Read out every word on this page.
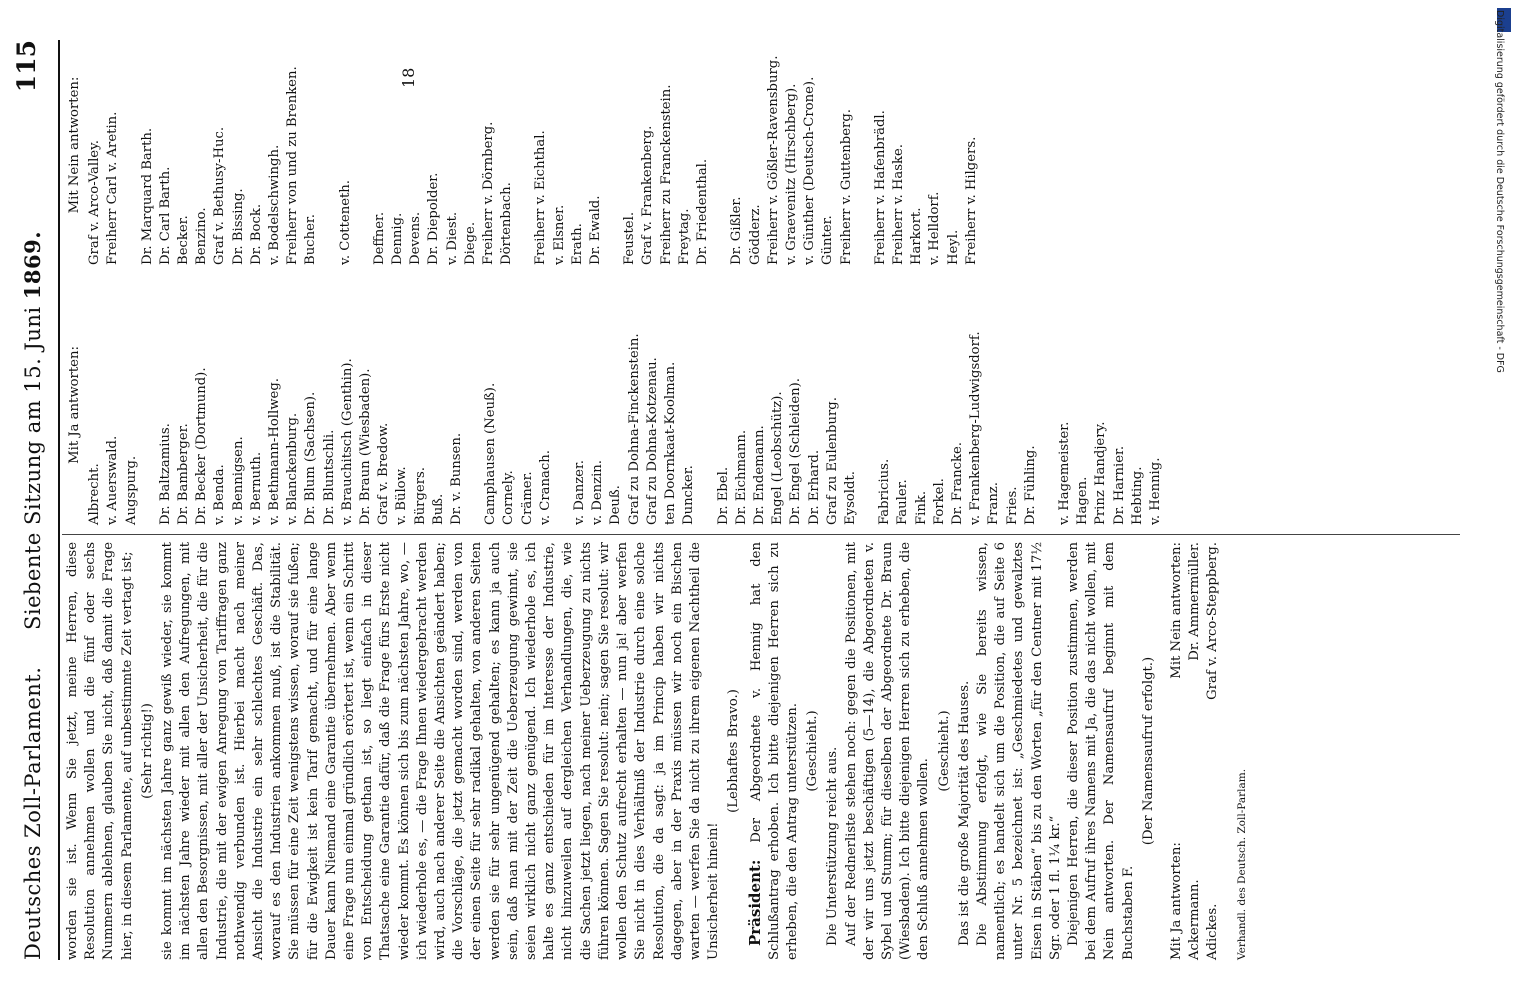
Deutsches Zoll-Parlament.
Siebente Sitzung am 15. Juni 1869.
115

worden sie ist. Wenn Sie jetzt, meine Herren, diese Resolution annehmen wollen und die fünf oder sechs Nummern ablehnen, glauben Sie nicht, daß damit die Frage hier, in diesem Parlamente, auf unbestimmte Zeit vertagt ist; (Sehr richtig!) sie kommt im nächsten Jahre ganz gewiß wieder, sie kommt im nächsten Jahre wieder mit allen den Aufregungen, mit allen den Besorgnissen, mit aller der Unsicherheit, die für die Industrie, die mit der ewigen Anregung von Tariffragen ganz nothwendig verbunden ist. Hierbei macht nach meiner Ansicht die Industrie ein sehr schlechtes Geschäft. Das, worauf es den Industrien ankommen muß, ist die Stabilität. Sie müssen für eine Zeit wenigstens wissen, worauf sie fußen; für die Ewigkeit ist kein Tarif gemacht, und für eine lange Dauer kann Niemand eine Garantie übernehmen. Aber wenn eine Frage nun einmal gründlich erörtert ist, wenn ein Schritt von Entscheidung gethan ist, so liegt einfach in dieser Thatsache eine Garantie dafür, daß die Frage fürs Erste nicht wieder kommt. Es können sich bis zum nächsten Jahre, wo, — ich wiederhole es, — die Frage Ihnen wiedergebracht werden wird, auch nach anderer Seite die Ansichten geändert haben; die Vorschläge, die jetzt gemacht worden sind, werden von der einen Seite für sehr radikal gehalten, von anderen Seiten werden sie für sehr ungenügend gehalten; es kann ja auch sein, daß man mit der Zeit die Ueberzeugung gewinnt, sie seien wirklich nicht ganz genügend. Ich wiederhole es, ich halte es ganz entschieden für im Interesse der Industrie, nicht hinzuweilen auf dergleichen Verhandlungen, die, wie die Sachen jetzt liegen, nach meiner Ueberzeugung zu nichts führen können. Sagen Sie resolut: nein; sagen Sie resolut: wir wollen den Schutz aufrecht erhalten — nun ja! aber werfen Sie nicht in dies Verhältniß der Industrie durch eine solche Resolution, die da sagt: ja im Princip haben wir nichts dagegen, aber in der Praxis müssen wir noch ein Bischen warten — werfen Sie da nicht zu ihrem eigenen Nachtheil die Unsicherheit hinein!

(Lebhaftes Bravo.)

Präsident: Der Abgeordnete v. Hennig hat den Schlußantrag erhoben. Ich bitte diejenigen Herren sich zu erheben, die den Antrag unterstützen. (Geschieht.) Die Unterstützung reicht aus. Auf der Rednerliste stehen noch: gegen die Positionen, mit der wir uns jetzt beschäftigen (5—14), die Abgeordneten v. Sybel und Stumm; für dieselben der Abgeordnete Dr. Braun (Wiesbaden). Ich bitte diejenigen Herren sich zu erheben, die den Schluß annehmen wollen.

(Geschieht.) Das ist die große Majorität des Hauses. Die Abstimmung erfolgt, wie Sie bereits wissen, namentlich; es handelt sich um die Position, die auf Seite 6 unter Nr. 5 bezeichnet ist: „Geschmiedetes und gewalztes Eisen in Stäben“ bis zu den Worten „für den Centner mit 17½ Sgr. oder 1 fl. 1¼ kr.“ Diejenigen Herren, die dieser Position zustimmen, werden bei dem Aufruf ihres Namens mit Ja, die das nicht wollen, mit Nein antworten. Der Namensaufruf beginnt mit dem Buchstaben F.

(Der Namensaufruf erfolgt.)

Mit Ja antworten:
Mit Nein antworten:
Ackermann.
Dr. Ammermüller.
Adickes.
Graf v. Arco-Steppberg.
Verhandl. des Deutsch. Zoll-Parlam.
Mit Ja antworten:
Albrecht. v. Auerswald. Augspurg. Dr. Baltzamius. Dr. Bamberger. Dr. Becker (Dortmund). v. Benda. v. Bennigsen. v. Bernuth. v. Bethmann-Hollweg. v. Blanckenburg. Dr. Blum (Sachsen). Dr. Bluntschli. v. Brauchitsch (Genthin). Dr. Braun (Wiesbaden). Graf v. Bredow. v. Bülow. Bürgers. Buß. Dr. v. Bunsen. Camphausen (Neuß). Cornely. Crämer. v. Cranach. v. Danzer. v. Denzin. Deuß. Graf zu Dohna-Finckenstein. Graf zu Dohna-Kotzenau. ten Doornkaat-Koolman. Duncker. Dr. Ebel. Dr. Eichmann. Dr. Endemann. Engel (Leobschütz). Dr. Engel (Schleiden). Dr. Erhard. Graf zu Eulenburg. Eysoldt. Fabricius. Fauler. Fink. Forkel. Dr. Francke. v. Frankenberg-Ludwigsdorf. Franz. Fries. Dr. Fühling. v. Hagemeister. Hagen. Prinz Handjery. Dr. Harnier. Hebting. v. Hennig.
Mit Nein antworten: Graf v. Arco-Valley. Freiherr Carl v. Aretin. Dr. Marquard Barth. Dr. Carl Barth. Becker. Benzino. Graf v. Bethusy-Huc. Dr. Bissing. Dr. Bock. v. Bodelschwingh. Freiherr von und zu Brenken. Bucher. v. Cotteneth. Deffner. Dennig. Devens. Dr. Diepolder. v. Diest. Diege. Freiherr v. Dörnberg. Dörtenbach. Freiherr v. Eichthal. v. Elsner. Erath. Dr. Ewald. Feustel. Graf v. Frankenberg. Freiherr zu Franckenstein. Freytag. Dr. Friedenthal. Dr. Gißler. Gödderz. Freiherr v. Gößler-Ravensburg. v. Graevenitz (Hirschberg). v. Günther (Deutsch-Crone). Günter. Freiherr v. Guttenberg. Freiherr v. Hafenbrädl. Freiherr v. Haske. Harkort. v. Helldorf. Heyl. Freiherr v. Hilgers.
18	Digitalisierung gefördert durch die Deutsche Forschungsgemeinschaft - DFG
